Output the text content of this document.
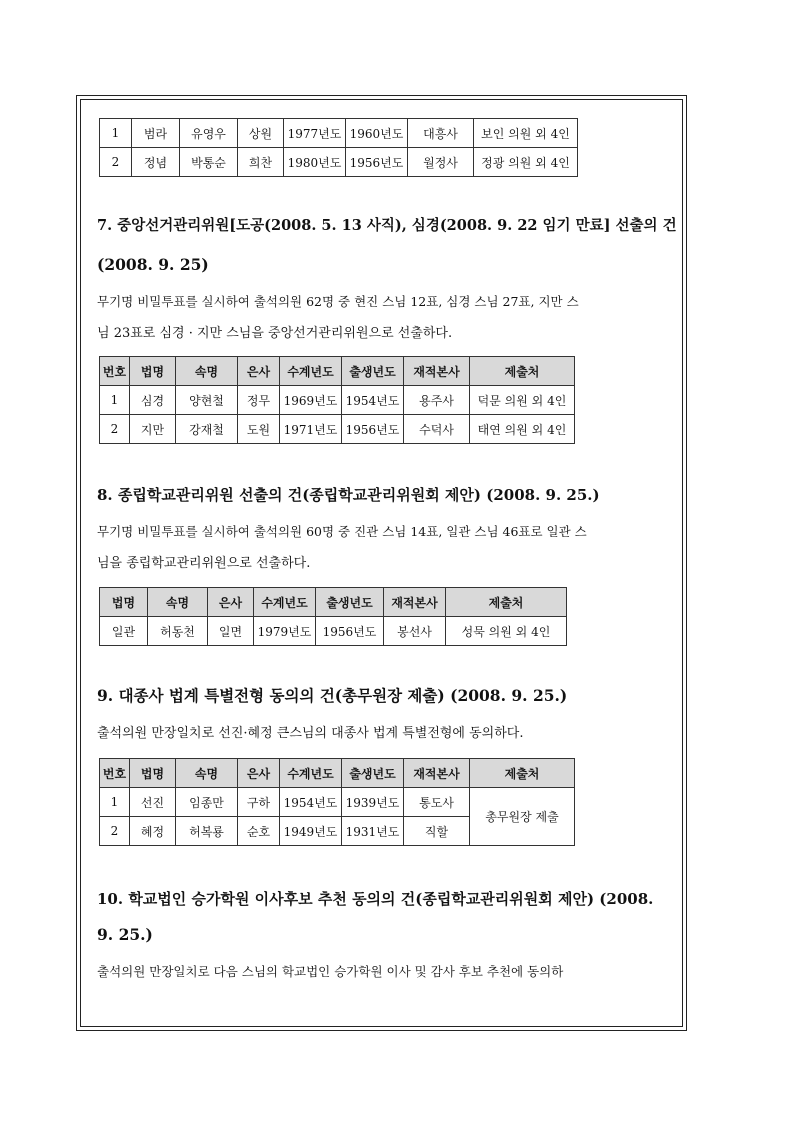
1	범라	유영우	상원	1977년도	1960년도	대흥사	보인 의원 외 4인
2	정념	박통순	희찬	1980년도	1956년도	월정사	정광 의원 외 4인
7. 중앙선거관리위원[도공(2008. 5. 13 사직), 심경(2008. 9. 22 임기 만료] 선출의 건
(2008. 9. 25)
무기명 비밀투표를 실시하여 출석의원 62명 중 현진 스님 12표, 심경 스님 27표, 지만 스
님 23표로 심경 · 지만 스님을 중앙선거관리위원으로 선출하다.
번호	법명	속명	은사	수계년도	출생년도	재적본사	제출처
1	심경	양현철	정무	1969년도	1954년도	용주사	덕문 의원 외 4인
2	지만	강재철	도원	1971년도	1956년도	수덕사	태연 의원 외 4인
8. 종립학교관리위원 선출의 건(종립학교관리위원회 제안) (2008. 9. 25.)
무기명 비밀투표를 실시하여 출석의원 60명 중 진관 스님 14표, 일관 스님 46표로 일관 스
님을 종립학교관리위원으로 선출하다.
법명	속명	은사	수계년도	출생년도	재적본사	제출처
일관	허동천	일면	1979년도	1956년도	봉선사	성묵 의원 외 4인
9. 대종사 법계 특별전형 동의의 건(총무원장 제출) (2008. 9. 25.)
출석의원 만장일치로 선진·혜정 큰스님의 대종사 법계 특별전형에 동의하다.
번호	법명	속명	은사	수계년도	출생년도	재적본사	제출처
1	선진	임종만	구하	1954년도	1939년도	통도사	총무원장 제출
2	혜정	허복룡	순호	1949년도	1931년도	직할	
10. 학교법인 승가학원 이사후보 추천 동의의 건(종립학교관리위원회 제안) (2008.
9. 25.)
출석의원 만장일치로 다음 스님의 학교법인 승가학원 이사 및 감사 후보 추천에 동의하
